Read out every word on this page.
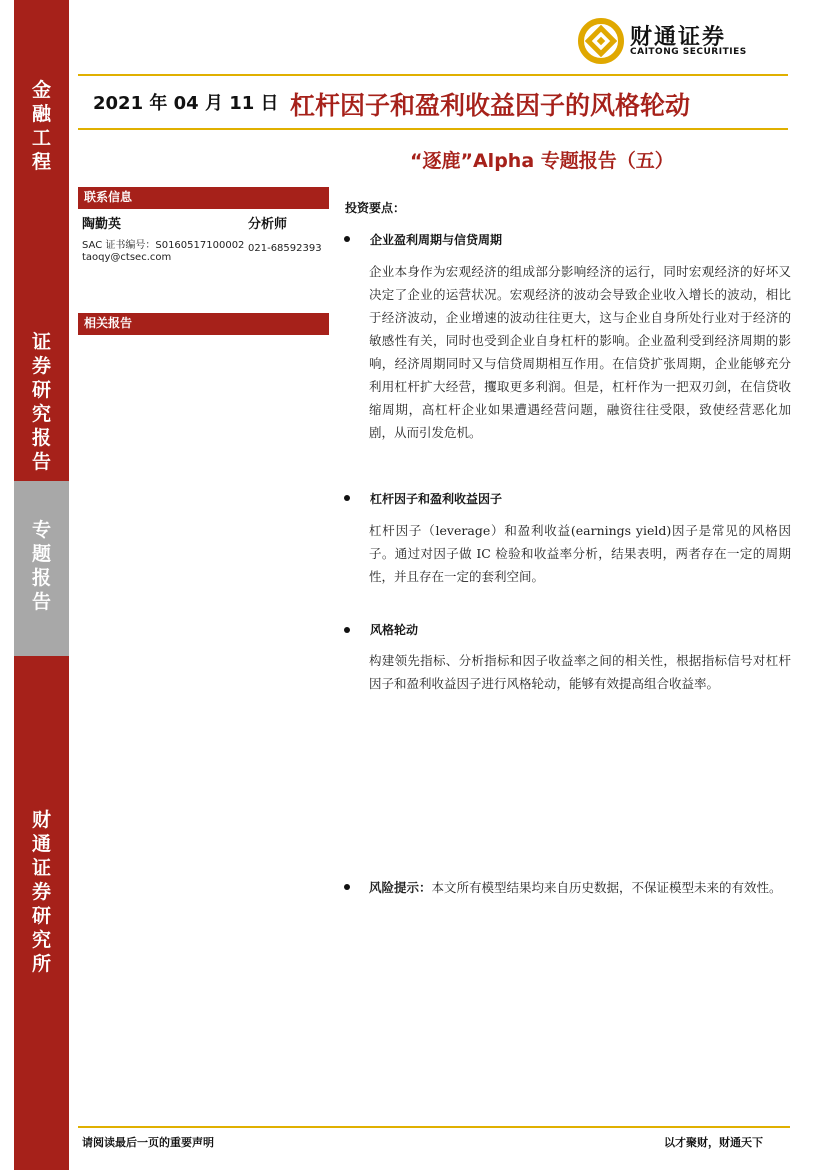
金融工程
证券研究报告
专题报告
财通证券研究所
财通证券
CAITONG SECURITIES
2021 年 04 月 11 日 杠杆因子和盈利收益因子的风格轮动
“逐鹿”Alpha 专题报告（五）
联系信息
陶勤英	分析师
SAC 证书编号：S0160517100002 021-68592393
taoqy@ctsec.com
相关报告
投资要点：
企业盈利周期与信贷周期
企业本身作为宏观经济的组成部分影响经济的运行，同时宏观经济的好坏又决定了企业的运营状况。宏观经济的波动会导致企业收入增长的波动，相比于经济波动，企业增速的波动往往更大，这与企业自身所处行业对于经济的敏感性有关，同时也受到企业自身杠杆的影响。企业盈利受到经济周期的影响，经济周期同时又与信贷周期相互作用。在信贷扩张周期，企业能够充分利用杠杆扩大经营，攫取更多利润。但是，杠杆作为一把双刃剑，在信贷收缩周期，高杠杆企业如果遭遇经营问题，融资往往受限，致使经营恶化加剧，从而引发危机。
杠杆因子和盈利收益因子
杠杆因子（leverage）和盈利收益(earnings yield)因子是常见的风格因子。通过对因子做 IC 检验和收益率分析，结果表明，两者存在一定的周期性，并且存在一定的套利空间。
风格轮动
构建领先指标、分析指标和因子收益率之间的相关性，根据指标信号对杠杆因子和盈利收益因子进行风格轮动，能够有效提高组合收益率。
风险提示：本文所有模型结果均来自历史数据，不保证模型未来的有效性。
请阅读最后一页的重要声明	以才聚财，财通天下
